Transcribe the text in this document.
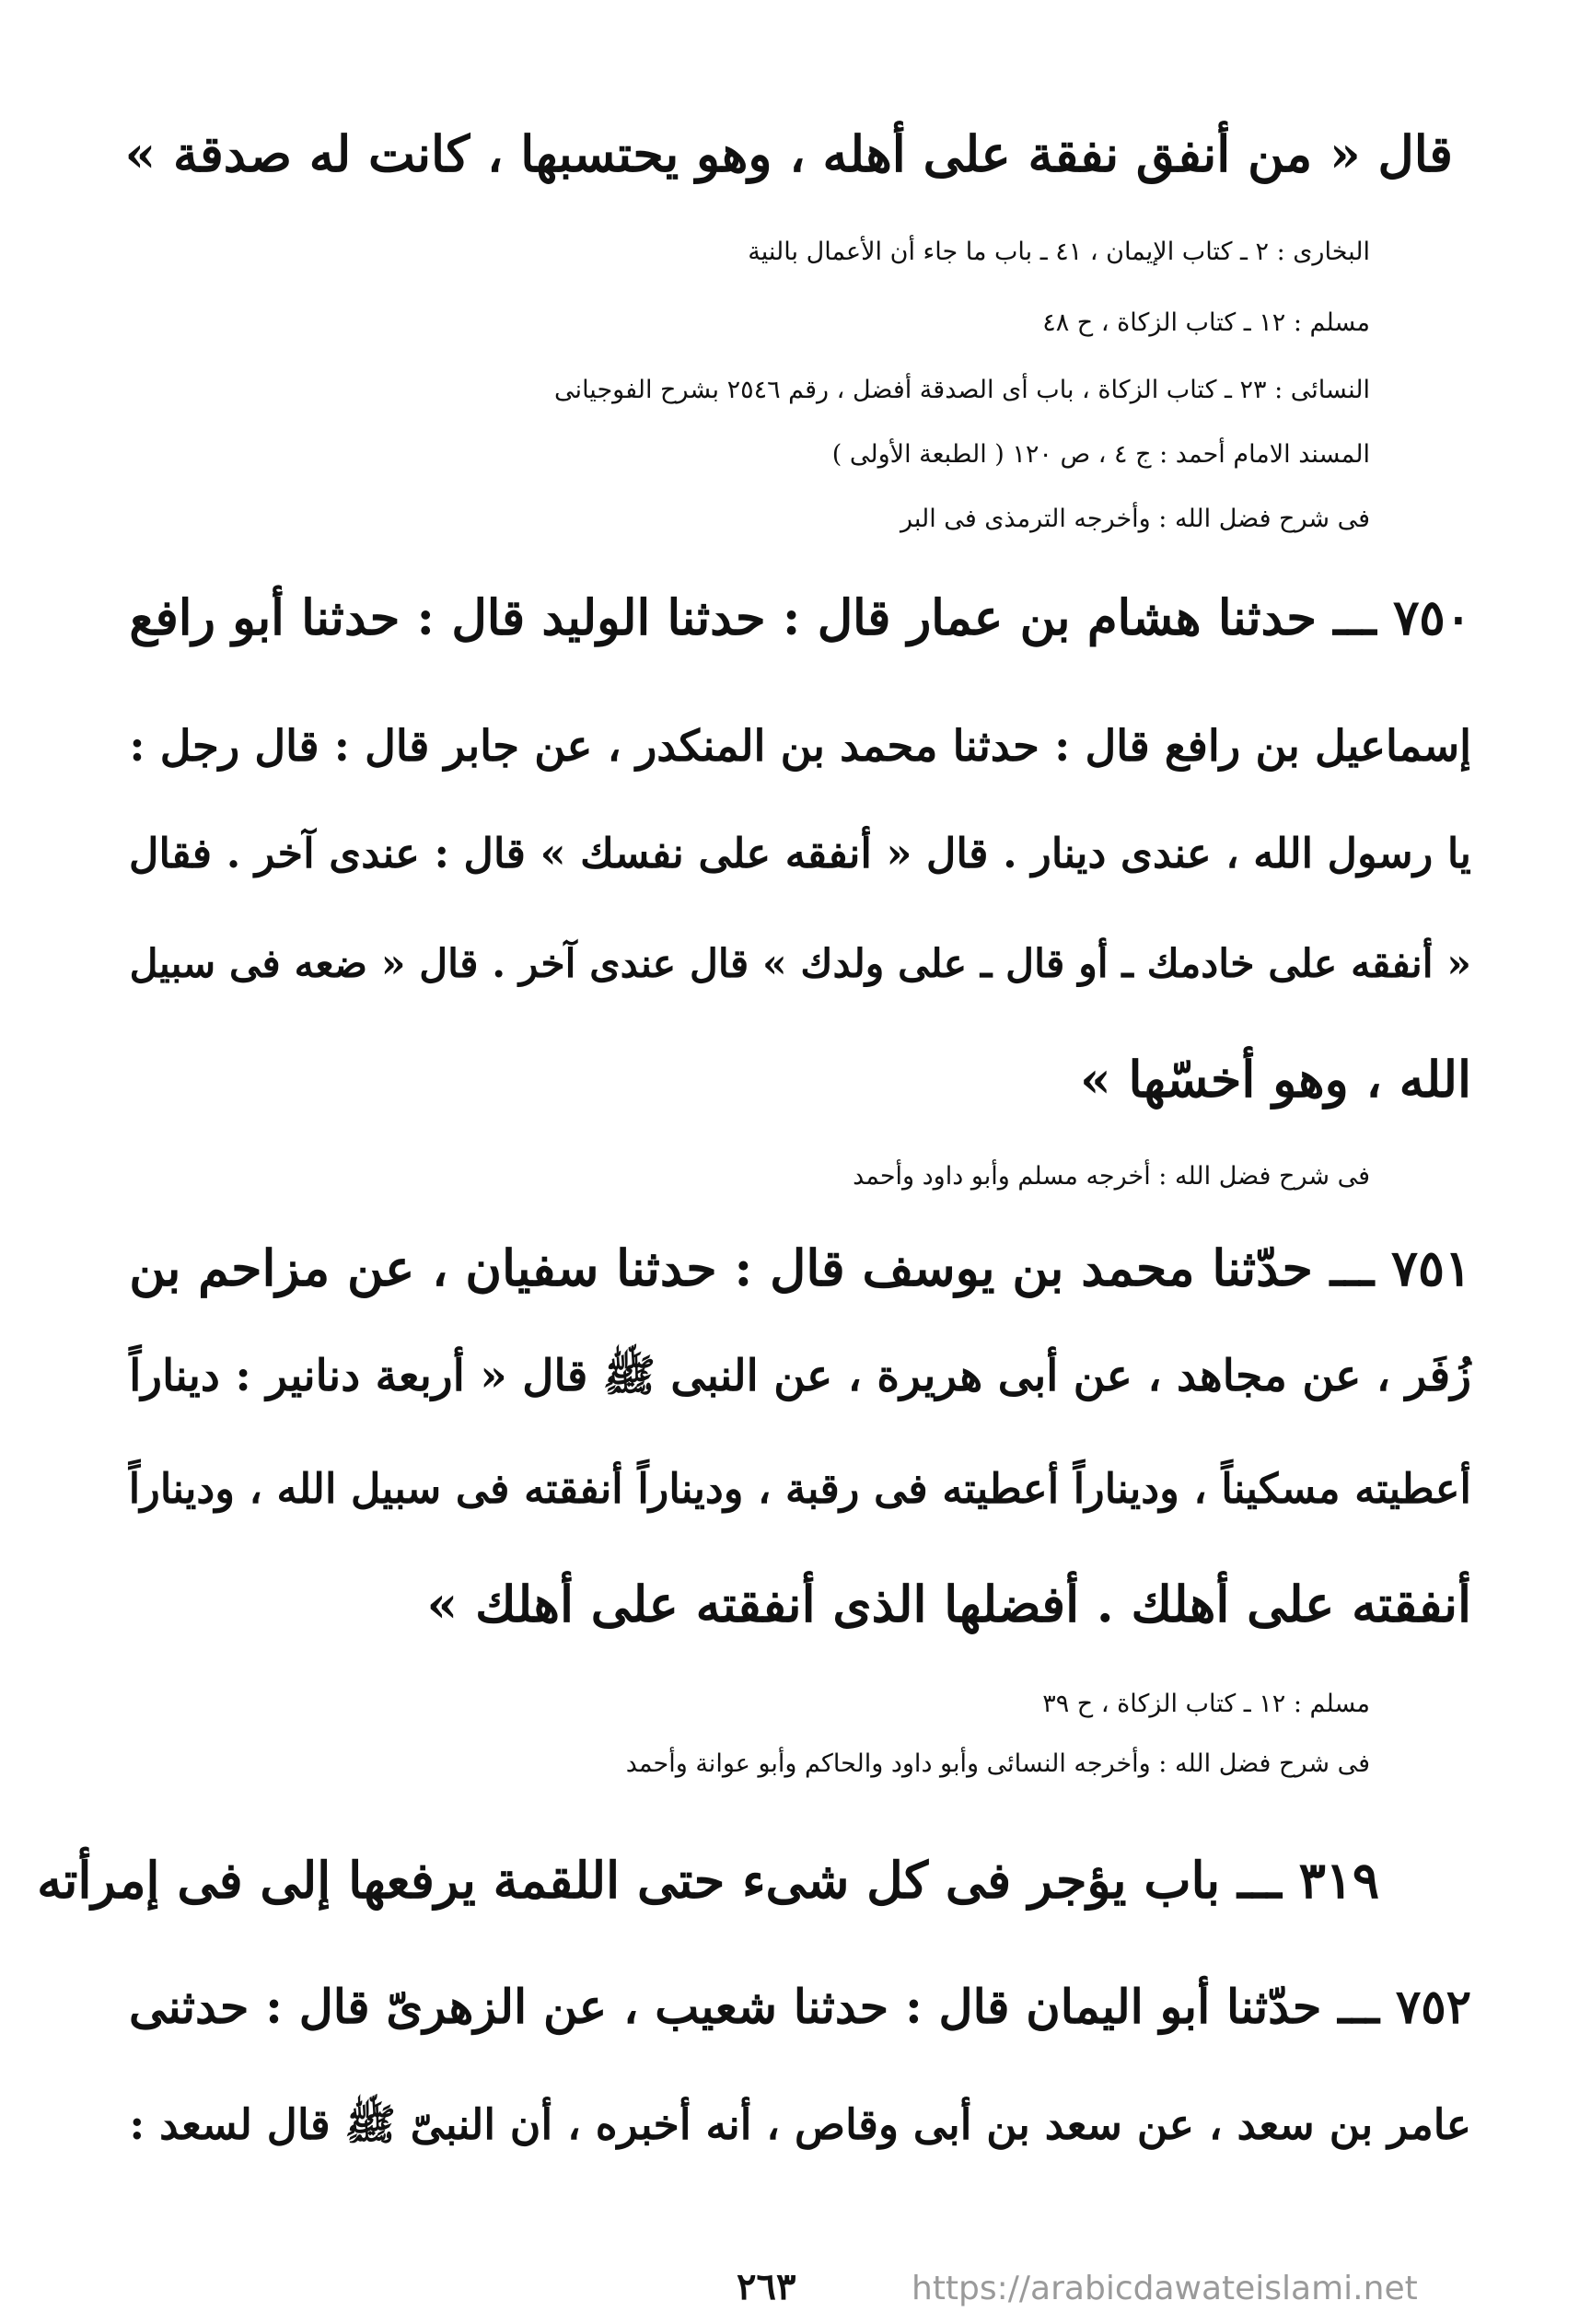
قال « من أنفق نفقة على أهله ، وهو يحتسبها ، كانت له صدقة »
البخارى : ٢ ـ كتاب الإيمان ، ٤١ ـ باب ما جاء أن الأعمال بالنية
مسلم : ١٢ ـ كتاب الزكاة ، ح ٤٨
النسائى : ٢٣ ـ كتاب الزكاة ، باب أى الصدقة أفضل ، رقم ٢٥٤٦ بشرح الفوجيانى
المسند الامام أحمد : ج ٤ ، ص ١٢٠ ( الطبعة الأولى )
فى شرح فضل الله : وأخرجه الترمذى فى البر
٧٥٠ ـــ حدثنا هشام بن عمار قال : حدثنا الوليد قال : حدثنا أبو رافع
إسماعيل بن رافع قال : حدثنا محمد بن المنكدر ، عن جابر قال : قال رجل :
يا رسول الله ، عندى دينار . قال « أنفقه على نفسك » قال : عندى آخر . فقال
« أنفقه على خادمك ـ أو قال ـ على ولدك » قال عندى آخر . قال « ضعه فى سبيل
الله ، وهو أخسّها »
فى شرح فضل الله : أخرجه مسلم وأبو داود وأحمد
٧٥١ ـــ حدّثنا محمد بن يوسف قال : حدثنا سفيان ، عن مزاحم بن
زُفَر ، عن مجاهد ، عن أبى هريرة ، عن النبى ﷺ قال « أربعة دنانير : ديناراً
أعطيته مسكيناً ، وديناراً أعطيته فى رقبة ، وديناراً أنفقته فى سبيل الله ، وديناراً
أنفقته على أهلك . أفضلها الذى أنفقته على أهلك »
مسلم : ١٢ ـ كتاب الزكاة ، ح ٣٩
فى شرح فضل الله : وأخرجه النسائى وأبو داود والحاكم وأبو عوانة وأحمد
٣١٩ ـــ باب يؤجر فى كل شىء حتى اللقمة يرفعها إلى فى إمرأته
٧٥٢ ـــ حدّثنا أبو اليمان قال : حدثنا شعيب ، عن الزهرىّ قال : حدثنى
عامر بن سعد ، عن سعد بن أبى وقاص ، أنه أخبره ، أن النبىّ ﷺ قال لسعد :
٢٦٣	https://arabicdawateislami.net
